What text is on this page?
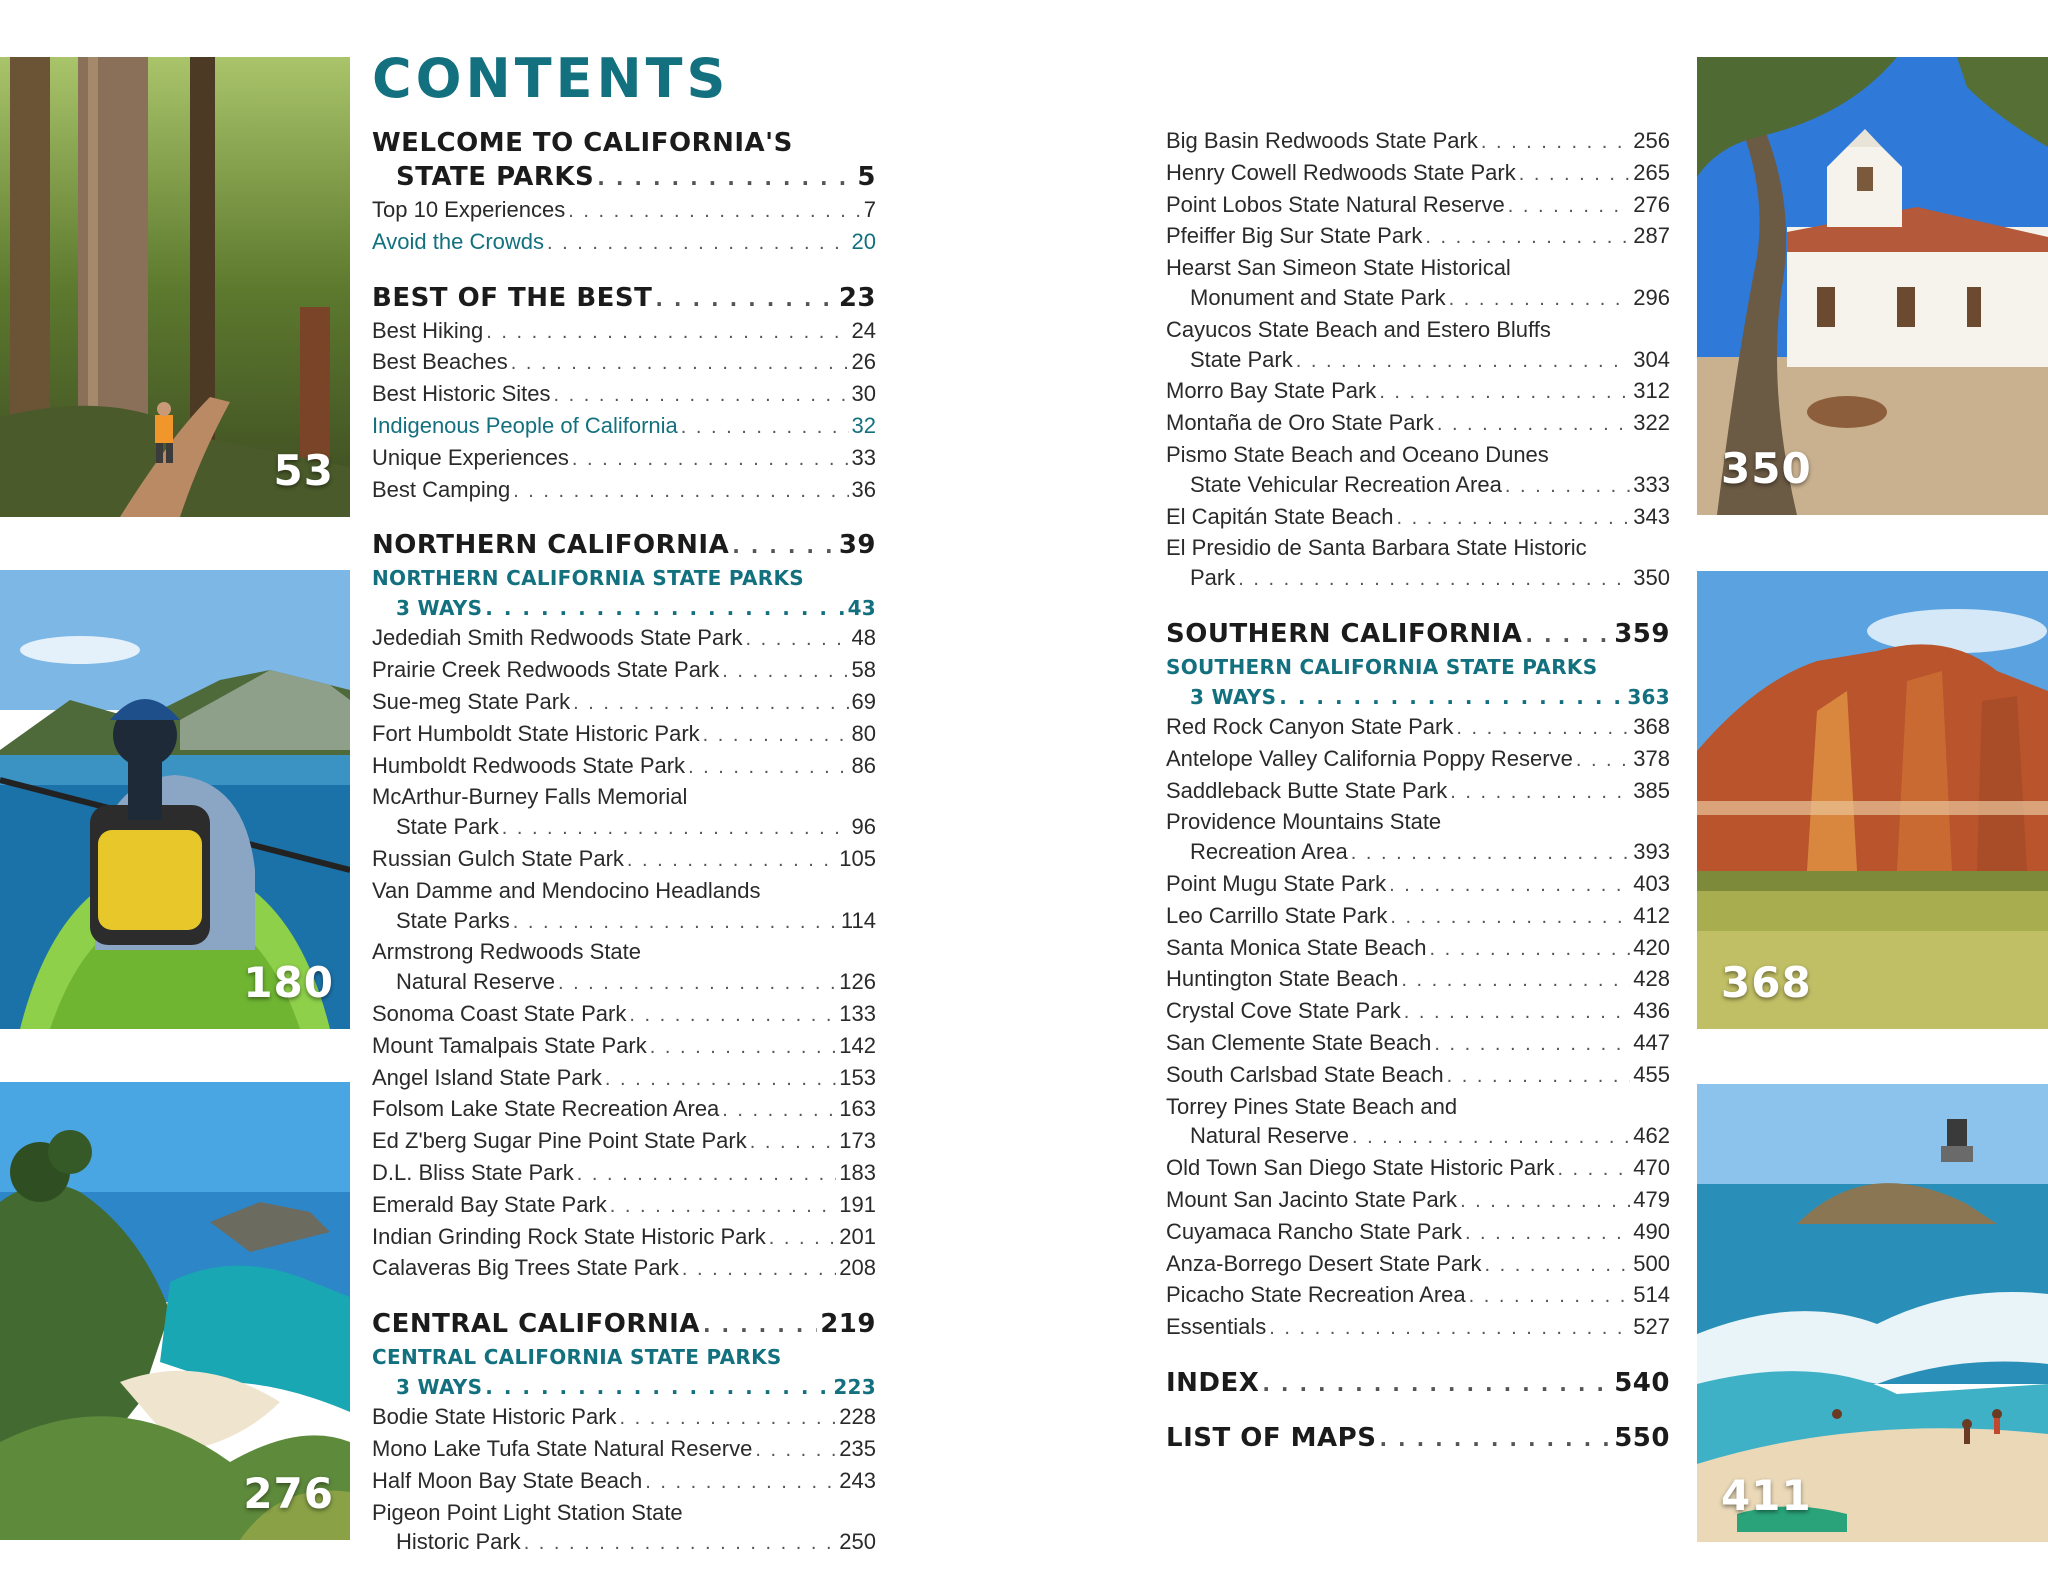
53
180
276
350
368
411
CONTENTS
WELCOME TO CALIFORNIA'S
STATE PARKS . . .	5
Top 10 Experiences . . .	7
Avoid the Crowds . . .	20
BEST OF THE BEST . . .	23
Best Hiking . . .	24
Best Beaches . . .	26
Best Historic Sites . . .	30
Indigenous People of California . . .	32
Unique Experiences . . .	33
Best Camping . . .	36
NORTHERN CALIFORNIA . . .	39
NORTHERN CALIFORNIA STATE PARKS
3 WAYS . . .	43
Jedediah Smith Redwoods State Park . . .	48
Prairie Creek Redwoods State Park . . .	58
Sue-meg State Park . . .	69
Fort Humboldt State Historic Park . . .	80
Humboldt Redwoods State Park . . .	86
McArthur-Burney Falls Memorial
State Park . . .	96
Russian Gulch State Park . . .	105
Van Damme and Mendocino Headlands
State Parks . . .	114
Armstrong Redwoods State
Natural Reserve . . .	126
Sonoma Coast State Park . . .	133
Mount Tamalpais State Park . . .	142
Angel Island State Park . . .	153
Folsom Lake State Recreation Area . . .	163
Ed Z'berg Sugar Pine Point State Park . . .	173
D.L. Bliss State Park . . .	183
Emerald Bay State Park . . .	191
Indian Grinding Rock State Historic Park . . .	201
Calaveras Big Trees State Park . . .	208
CENTRAL CALIFORNIA . . .	219
CENTRAL CALIFORNIA STATE PARKS
3 WAYS . . .	223
Bodie State Historic Park . . .	228
Mono Lake Tufa State Natural Reserve . . .	235
Half Moon Bay State Beach . . .	243
Pigeon Point Light Station State
Historic Park . . .	250
Big Basin Redwoods State Park . . .	256
Henry Cowell Redwoods State Park . . .	265
Point Lobos State Natural Reserve . . .	276
Pfeiffer Big Sur State Park . . .	287
Hearst San Simeon State Historical
Monument and State Park . . .	296
Cayucos State Beach and Estero Bluffs
State Park . . .	304
Morro Bay State Park . . .	312
Montaña de Oro State Park . . .	322
Pismo State Beach and Oceano Dunes
State Vehicular Recreation Area . . .	333
El Capitán State Beach . . .	343
El Presidio de Santa Barbara State Historic
Park . . .	350
SOUTHERN CALIFORNIA . . .	359
SOUTHERN CALIFORNIA STATE PARKS
3 WAYS . . .	363
Red Rock Canyon State Park . . .	368
Antelope Valley California Poppy Reserve . . .	378
Saddleback Butte State Park . . .	385
Providence Mountains State
Recreation Area . . .	393
Point Mugu State Park . . .	403
Leo Carrillo State Park . . .	412
Santa Monica State Beach . . .	420
Huntington State Beach . . .	428
Crystal Cove State Park . . .	436
San Clemente State Beach . . .	447
South Carlsbad State Beach . . .	455
Torrey Pines State Beach and
Natural Reserve . . .	462
Old Town San Diego State Historic Park . . .	470
Mount San Jacinto State Park . . .	479
Cuyamaca Rancho State Park . . .	490
Anza-Borrego Desert State Park . . .	500
Picacho State Recreation Area . . .	514
Essentials . . .	527
INDEX . . .	540
LIST OF MAPS . . .	550
